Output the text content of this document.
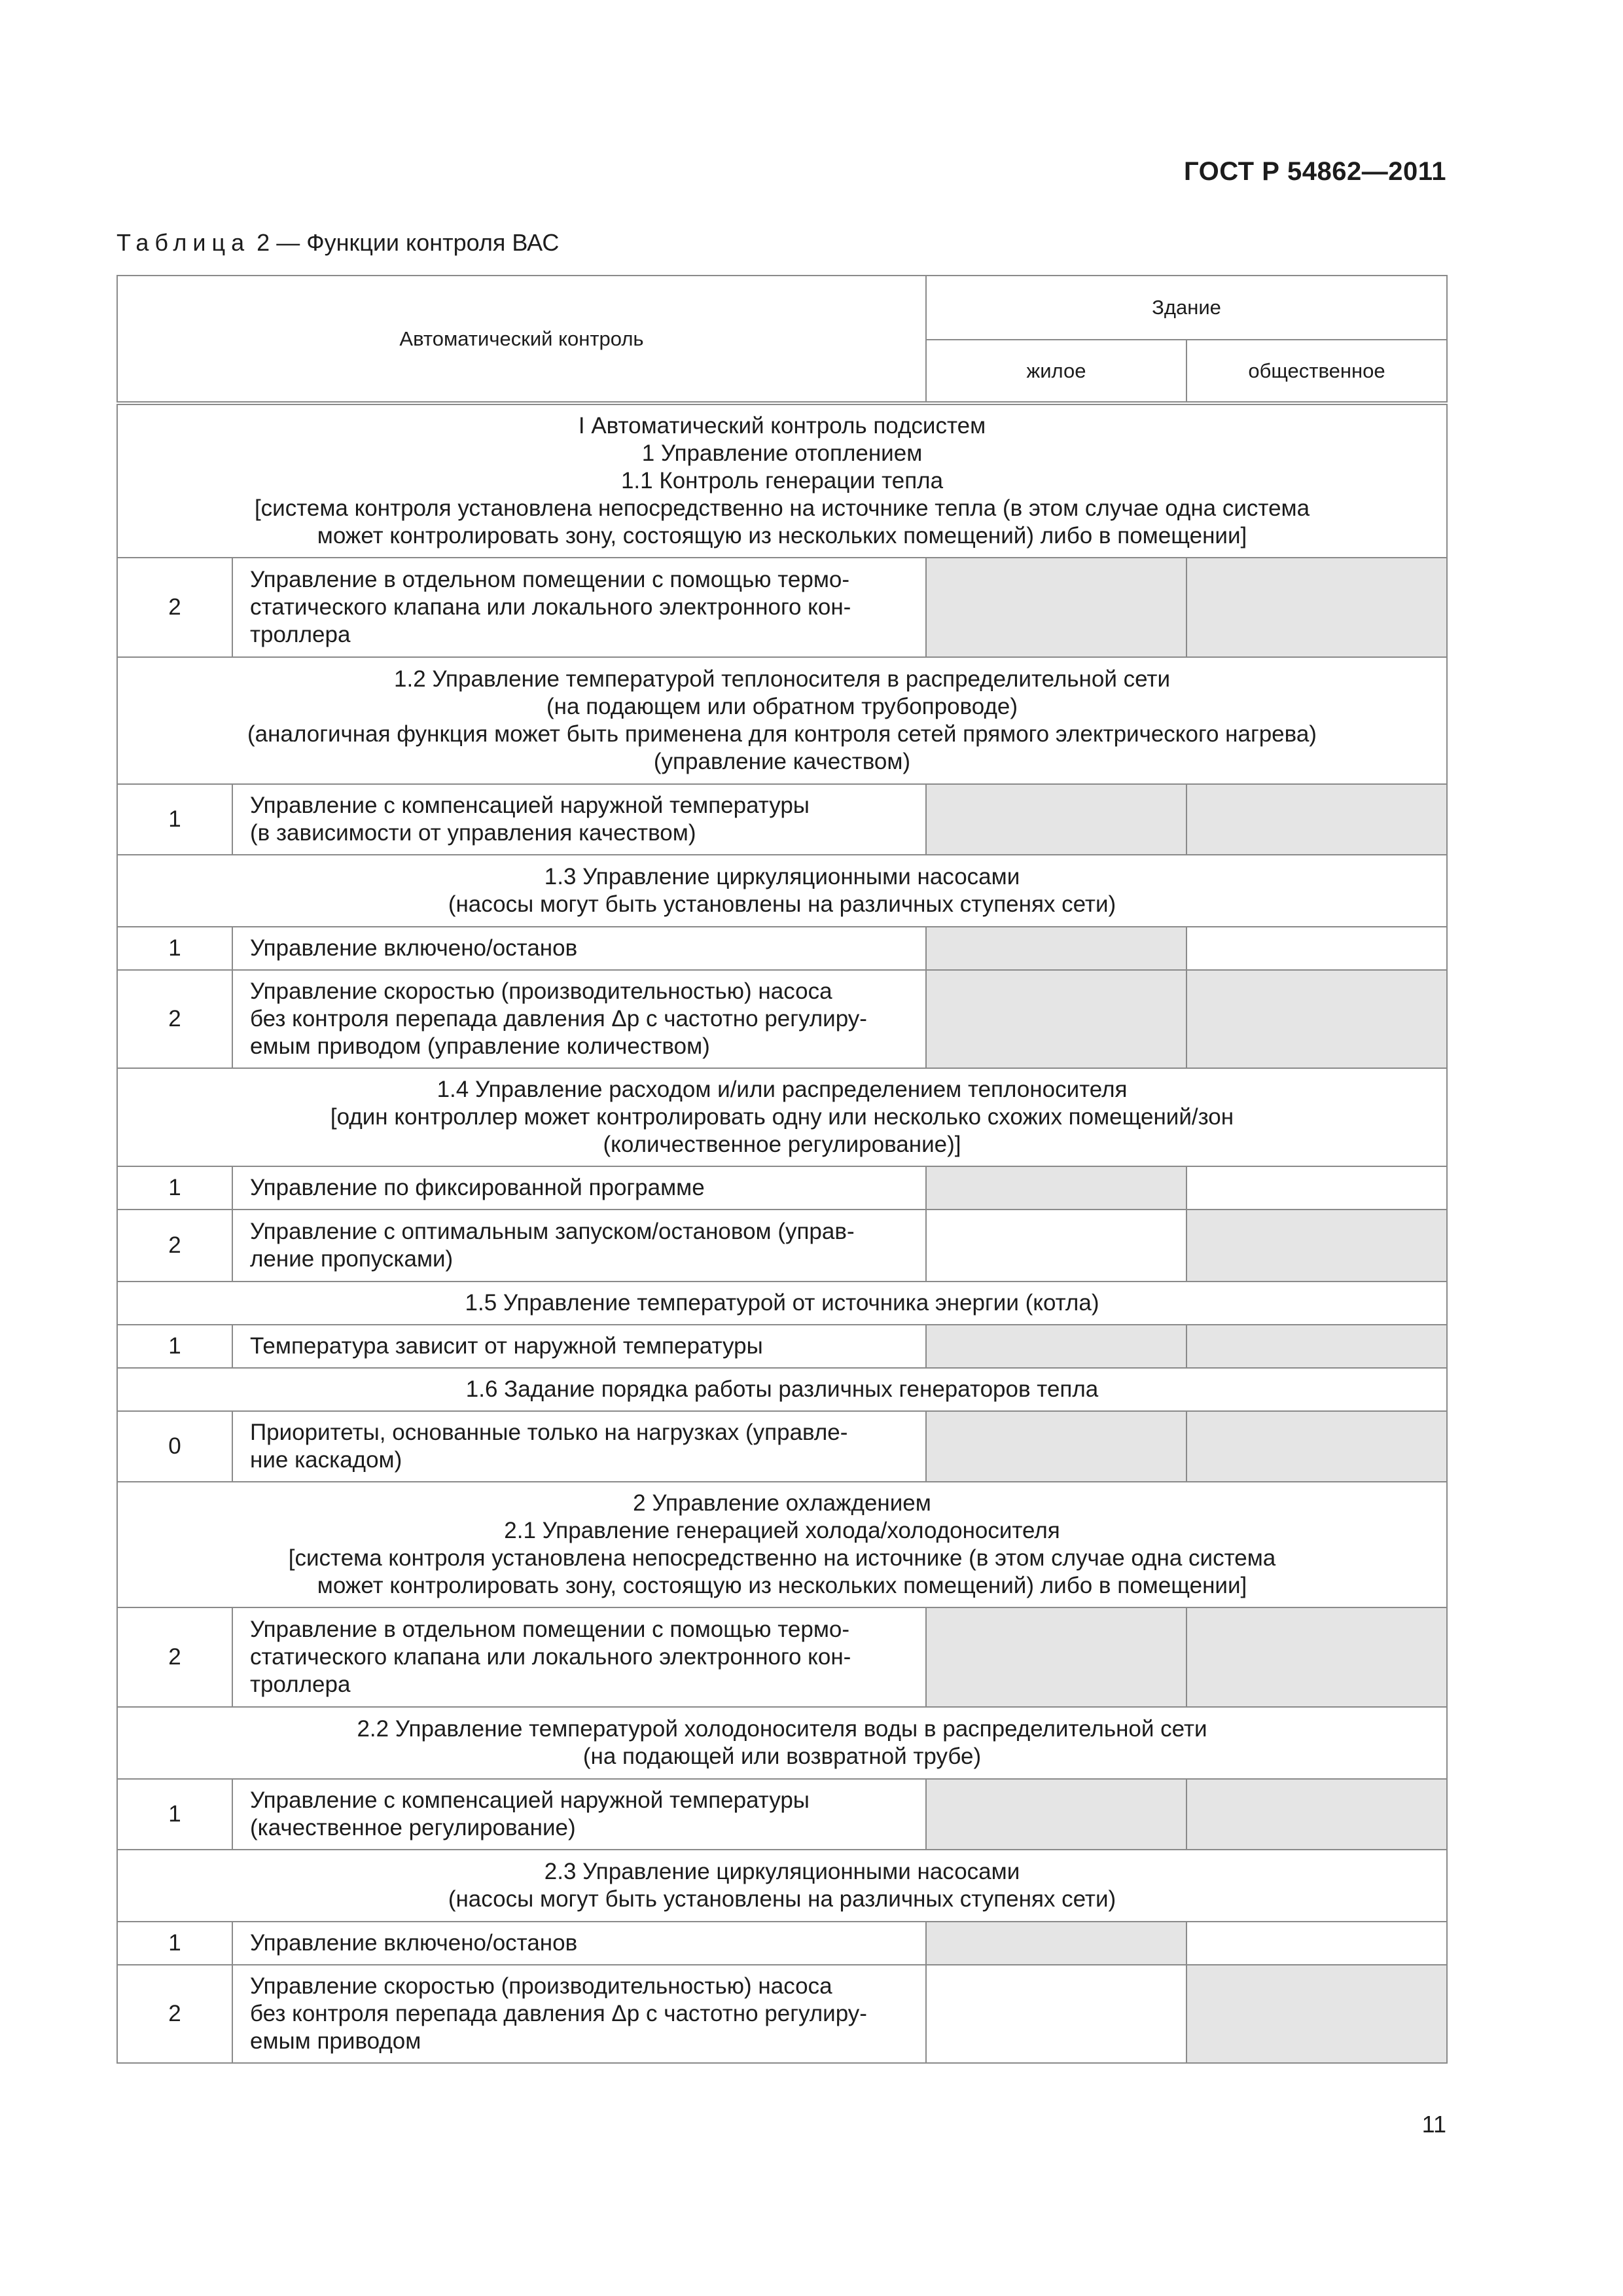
ГОСТ Р 54862—2011
Таблица 2 — Функции контроля ВАС
Автоматический контроль		Здание	
		жилое	общественное

I Автоматический контроль подсистем
1 Управление отоплением
1.1 Контроль генерации тепла
[система контроля установлена непосредственно на источнике тепла (в этом случае одна система
может контролировать зону, состоящую из нескольких помещений) либо в помещении]			

2	Управление в отдельном помещении с помощью термо-
статического клапана или локального электронного кон-
троллера		

1.2 Управление температурой теплоносителя в распределительной сети
(на подающем или обратном трубопроводе)
(аналогичная функция может быть применена для контроля сетей прямого электрического нагрева)
(управление качеством)			

1	Управление с компенсацией наружной температуры
(в зависимости от управления качеством)		

1.3 Управление циркуляционными насосами
(насосы могут быть установлены на различных ступенях сети)			

1	Управление включено/останов		

2	Управление скоростью (производительностью) насоса
без контроля перепада давления Δp с частотно регулиру-
емым приводом (управление количеством)		

1.4 Управление расходом и/или распределением теплоносителя
[один контроллер может контролировать одну или несколько схожих помещений/зон
(количественное регулирование)]			

1	Управление по фиксированной программе		

2	Управление с оптимальным запуском/остановом (управ-
ление пропусками)		

1.5 Управление температурой от источника энергии (котла)			

1	Температура зависит от наружной температуры		

1.6 Задание порядка работы различных генераторов тепла			

0	Приоритеты, основанные только на нагрузках (управле-
ние каскадом)		

2 Управление охлаждением
2.1 Управление генерацией холода/холодоносителя
[система контроля установлена непосредственно на источнике (в этом случае одна система
может контролировать зону, состоящую из нескольких помещений) либо в помещении]			

2	Управление в отдельном помещении с помощью термо-
статического клапана или локального электронного кон-
троллера		

2.2 Управление температурой холодоносителя воды в распределительной сети
(на подающей или возвратной трубе)			

1	Управление с компенсацией наружной температуры
(качественное регулирование)		

2.3 Управление циркуляционными насосами
(насосы могут быть установлены на различных ступенях сети)			

1	Управление включено/останов		

2	Управление скоростью (производительностью) насоса
без контроля перепада давления Δp с частотно регулиру-
емым приводом		

11
